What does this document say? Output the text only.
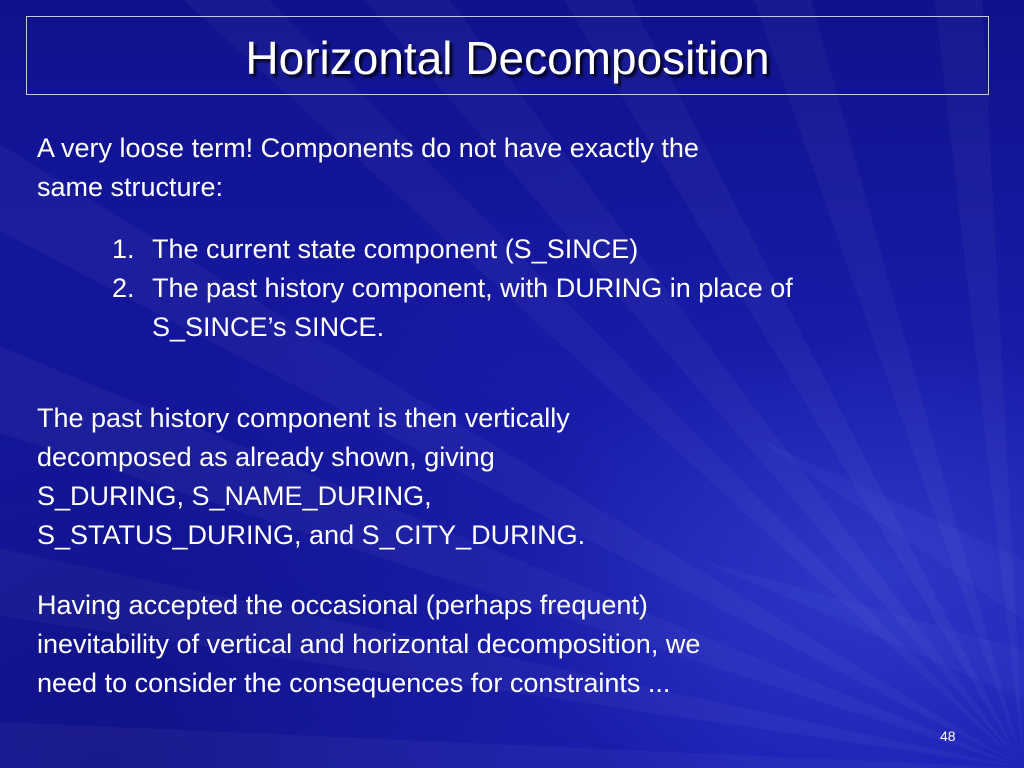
Horizontal Decomposition
A very loose term! Components do not have exactly the
same structure:
1. The current state component (S_SINCE)
2. The past history component, with DURING in place of
S_SINCE’s SINCE.
The past history component is then vertically
decomposed as already shown, giving
S_DURING, S_NAME_DURING,
S_STATUS_DURING, and S_CITY_DURING.
Having accepted the occasional (perhaps frequent)
inevitability of vertical and horizontal decomposition, we
need to consider the consequences for constraints ...
48
